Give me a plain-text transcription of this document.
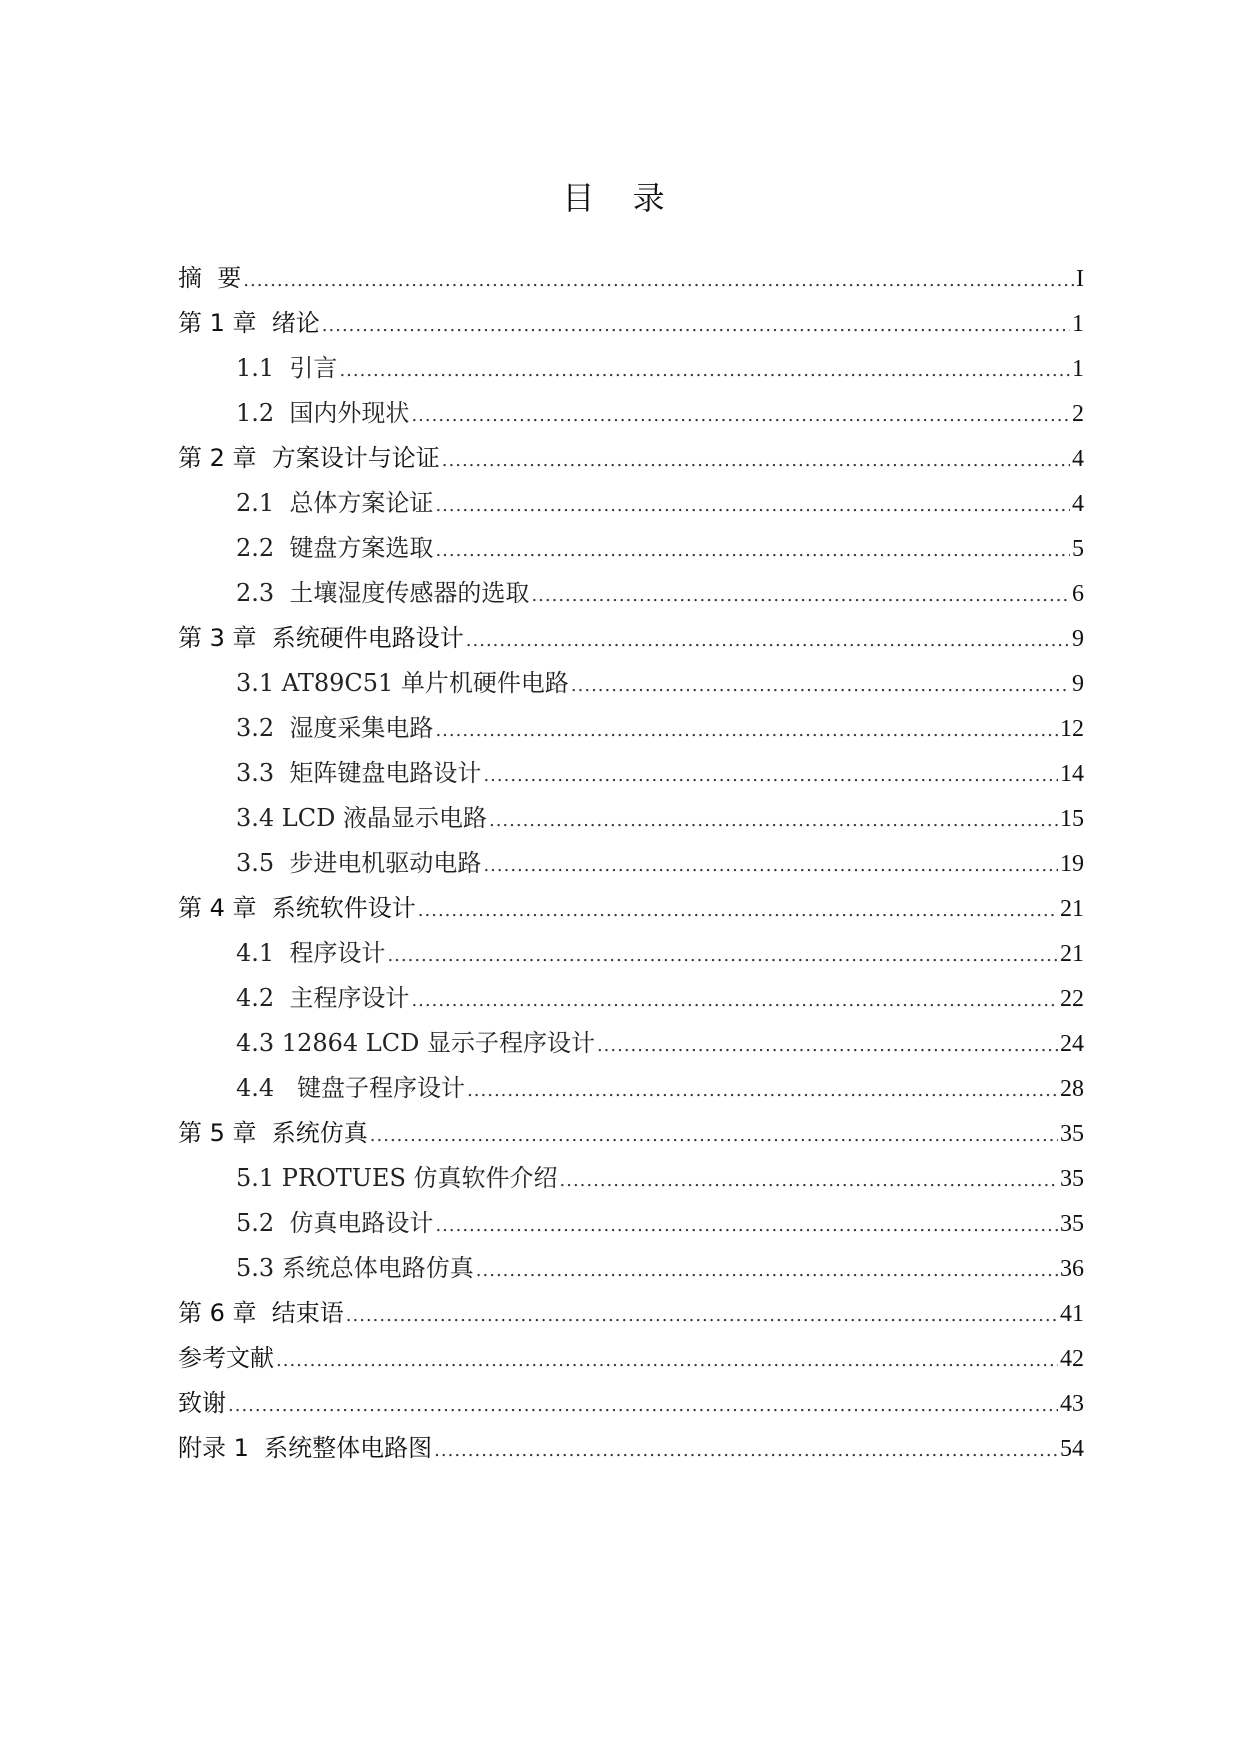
目 录
摘  要 .....	I
第 1 章  绪论 .....	1
1.1  引言 .....	1
1.2  国内外现状 .....	2
第 2 章  方案设计与论证 .....	4
2.1  总体方案论证 .....	4
2.2  键盘方案选取 .....	5
2.3  土壤湿度传感器的选取 .....	6
第 3 章  系统硬件电路设计 .....	9
3.1 AT89C51 单片机硬件电路 .....	9
3.2  湿度采集电路 .....	12
3.3  矩阵键盘电路设计 .....	14
3.4 LCD 液晶显示电路 .....	15
3.5  步进电机驱动电路 .....	19
第 4 章  系统软件设计 .....	21
4.1  程序设计 .....	21
4.2  主程序设计 .....	22
4.3 12864 LCD 显示子程序设计 .....	24
4.4   键盘子程序设计 .....	28
第 5 章  系统仿真 .....	35
5.1 PROTUES 仿真软件介绍 .....	35
5.2  仿真电路设计 .....	35
5.3 系统总体电路仿真 .....	36
第 6 章  结束语 .....	41
参考文献 .....	42
致谢 .....	43
附录 1  系统整体电路图 .....	54
